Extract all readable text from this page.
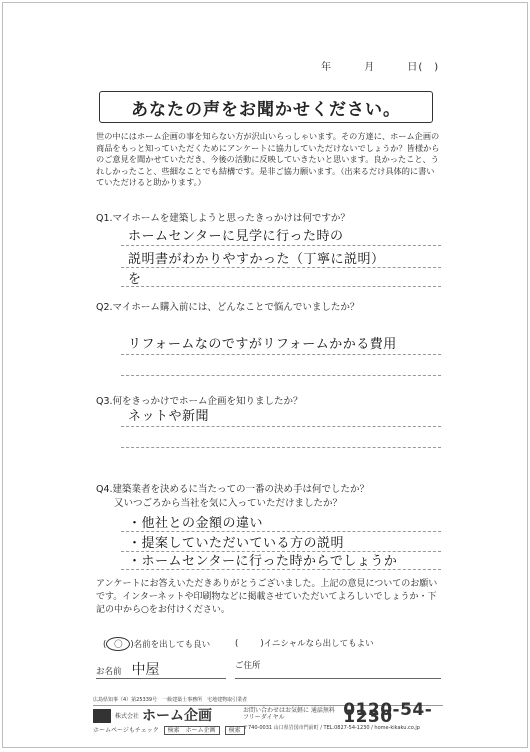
年	月	日(　)
あなたの声をお聞かせください。
世の中にはホーム企画の事を知らない方が沢山いらっしゃいます。その方達に、ホーム企画の商品をもっと知っていただくためにアンケートに協力していただけないでしょうか？皆様からのご意見を聞かせていただき、今後の活動に反映していきたいと思います。良かったこと、うれしかったこと、些細なことでも結構です。是非ご協力願います。（出来るだけ具体的に書いていただけると助かります。）
Q1.マイホームを建築しようと思ったきっかけは何ですか？
ホームセンターに見学に行った時の
説明書がわかりやすかった（丁寧に説明）
を
Q2.マイホーム購入前には、どんなことで悩んでいましたか？
リフォームなのですがリフォームかかる費用
Q3.何をきっかけでホーム企画を知りましたか？
ネットや新聞
Q4.建築業者を決めるに当たっての一番の決め手は何でしたか？
又いつごろから当社を気に入っていただけましたか？
・他社との金額の違い
・提案していただいている方の説明
・ホームセンターに行った時からでしょうか
アンケートにお答えいただきありがとうございました。上記の意見についてのお願いです。インターネットや印刷物などに掲載させていただいてよろしいでしょうか・下記の中から○をお付けください。
( 〇 )名前を出しても良い	(	)イニシャルなら出してもよい
お名前 中屋	ご住所
広島県知事（4）第25339号　一級建築士事務所　宅地建物取引業者
株式会社 ホーム企画	お問い合わせはお気軽に 通話無料フリーダイヤル	0120-54-1230
ホームページもチェック 検索　ホーム企画 検索 〒740-0031 山口県岩国市門前町 / TEL.0827-54-1230 / home-kikaku.co.jp
